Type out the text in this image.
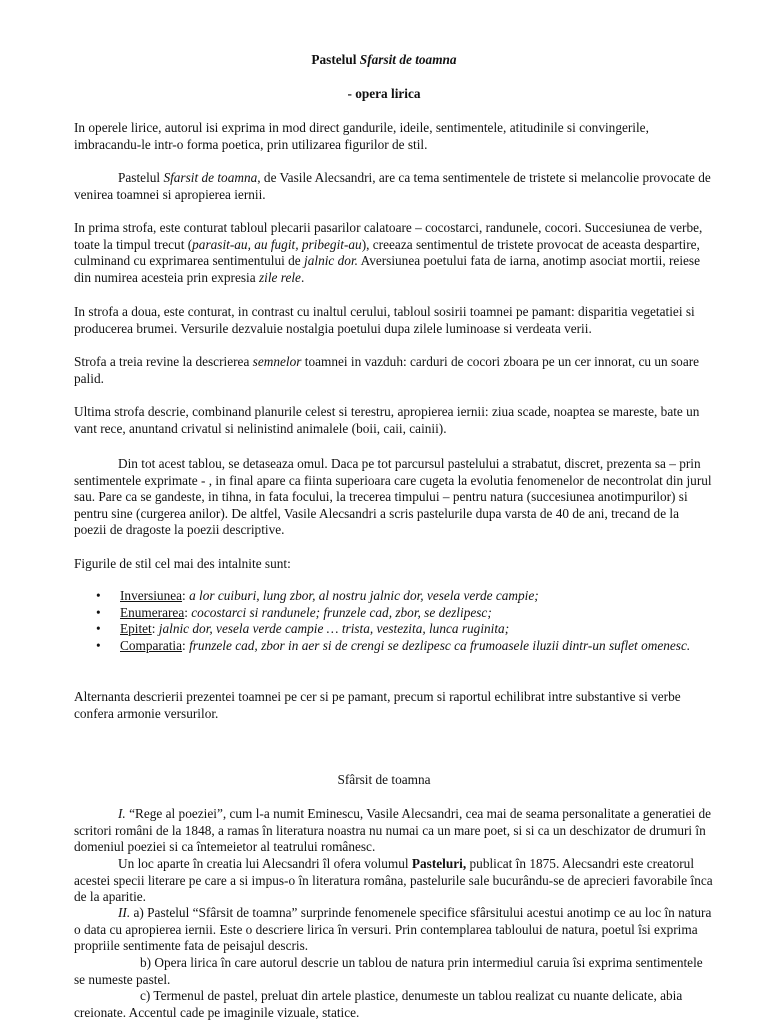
Pastelul Sfarsit de toamna

- opera lirica

In operele lirice, autorul isi exprima in mod direct gandurile, ideile, sentimentele, atitudinile si convingerile, imbracandu-le intr-o forma poetica, prin utilizarea figurilor de stil.

Pastelul Sfarsit de toamna, de Vasile Alecsandri, are ca tema sentimentele de tristete si melancolie provocate de venirea toamnei si apropierea iernii.

In prima strofa, este conturat tabloul plecarii pasarilor calatoare – cocostarci, randunele, cocori. Succesiunea de verbe, toate la timpul trecut (parasit-au, au fugit, pribegit-au), creeaza sentimentul de tristete provocat de aceasta despartire, culminand cu exprimarea sentimentului de jalnic dor. Aversiunea poetului fata de iarna, anotimp asociat mortii, reiese din numirea acesteia prin expresia zile rele.

In strofa a doua, este conturat, in contrast cu inaltul cerului, tabloul sosirii toamnei pe pamant: disparitia vegetatiei si producerea brumei. Versurile dezvaluie nostalgia poetului dupa zilele luminoase si verdeata verii.

Strofa a treia revine la descrierea semnelor toamnei in vazduh: carduri de cocori zboara pe un cer innorat, cu un soare palid.

Ultima strofa descrie, combinand planurile celest si terestru, apropierea iernii: ziua scade, noaptea se mareste, bate un vant rece, anuntand crivatul si nelinistind animalele (boii, caii, cainii).

Din tot acest tablou, se detaseaza omul. Daca pe tot parcursul pastelului a strabatut, discret, prezenta sa – prin sentimentele exprimate - , in final apare ca fiinta superioara care cugeta la evolutia fenomenelor de necontrolat din jurul sau. Pare ca se gandeste, in tihna, in fata focului, la trecerea timpului – pentru natura (succesiunea anotimpurilor) si pentru sine (curgerea anilor). De altfel, Vasile Alecsandri a scris pastelurile dupa varsta de 40 de ani, trecand de la poezii de dragoste la poezii descriptive.

Figurile de stil cel mai des intalnite sunt:

• Inversiunea: a lor cuiburi, lung zbor, al nostru jalnic dor, vesela verde campie;
• Enumerarea: cocostarci si randunele; frunzele cad, zbor, se dezlipesc;
• Epitet: jalnic dor, vesela verde campie … trista, vestezita, lunca ruginita;
• Comparatia: frunzele cad, zbor in aer si de crengi se dezlipesc ca frumoasele iluzii dintr-un suflet omenesc.

Alternanta descrierii prezentei toamnei pe cer si pe pamant, precum si raportul echilibrat intre substantive si verbe confera armonie versurilor.

Sfârsit de toamna

I. “Rege al poeziei”, cum l-a numit Eminescu, Vasile Alecsandri, cea mai de seama personalitate a generatiei de scritori români de la 1848, a ramas în literatura noastra nu numai ca un mare poet, si si ca un deschizator de drumuri în domeniul poeziei si ca întemeietor al teatrului românesc.

Un loc aparte în creatia lui Alecsandri îl ofera volumul Pasteluri, publicat în 1875. Alecsandri este creatorul acestei specii literare pe care a si impus-o în literatura româna, pastelurile sale bucurându-se de aprecieri favorabile înca de la aparitie.

II. a) Pastelul “Sfârsit de toamna” surprinde fenomenele specifice sfârsitului acestui anotimp ce au loc în natura o data cu apropierea iernii. Este o descriere lirica în versuri. Prin contemplarea tabloului de natura, poetul îsi exprima propriile sentimente fata de peisajul descris.

b) Opera lirica în care autorul descrie un tablou de natura prin intermediul caruia îsi exprima sentimentele se numeste pastel.

c) Termenul de pastel, preluat din artele plastice, denumeste un tablou realizat cu nuante delicate, abia creionate. Accentul cade pe imaginile vizuale, statice.
